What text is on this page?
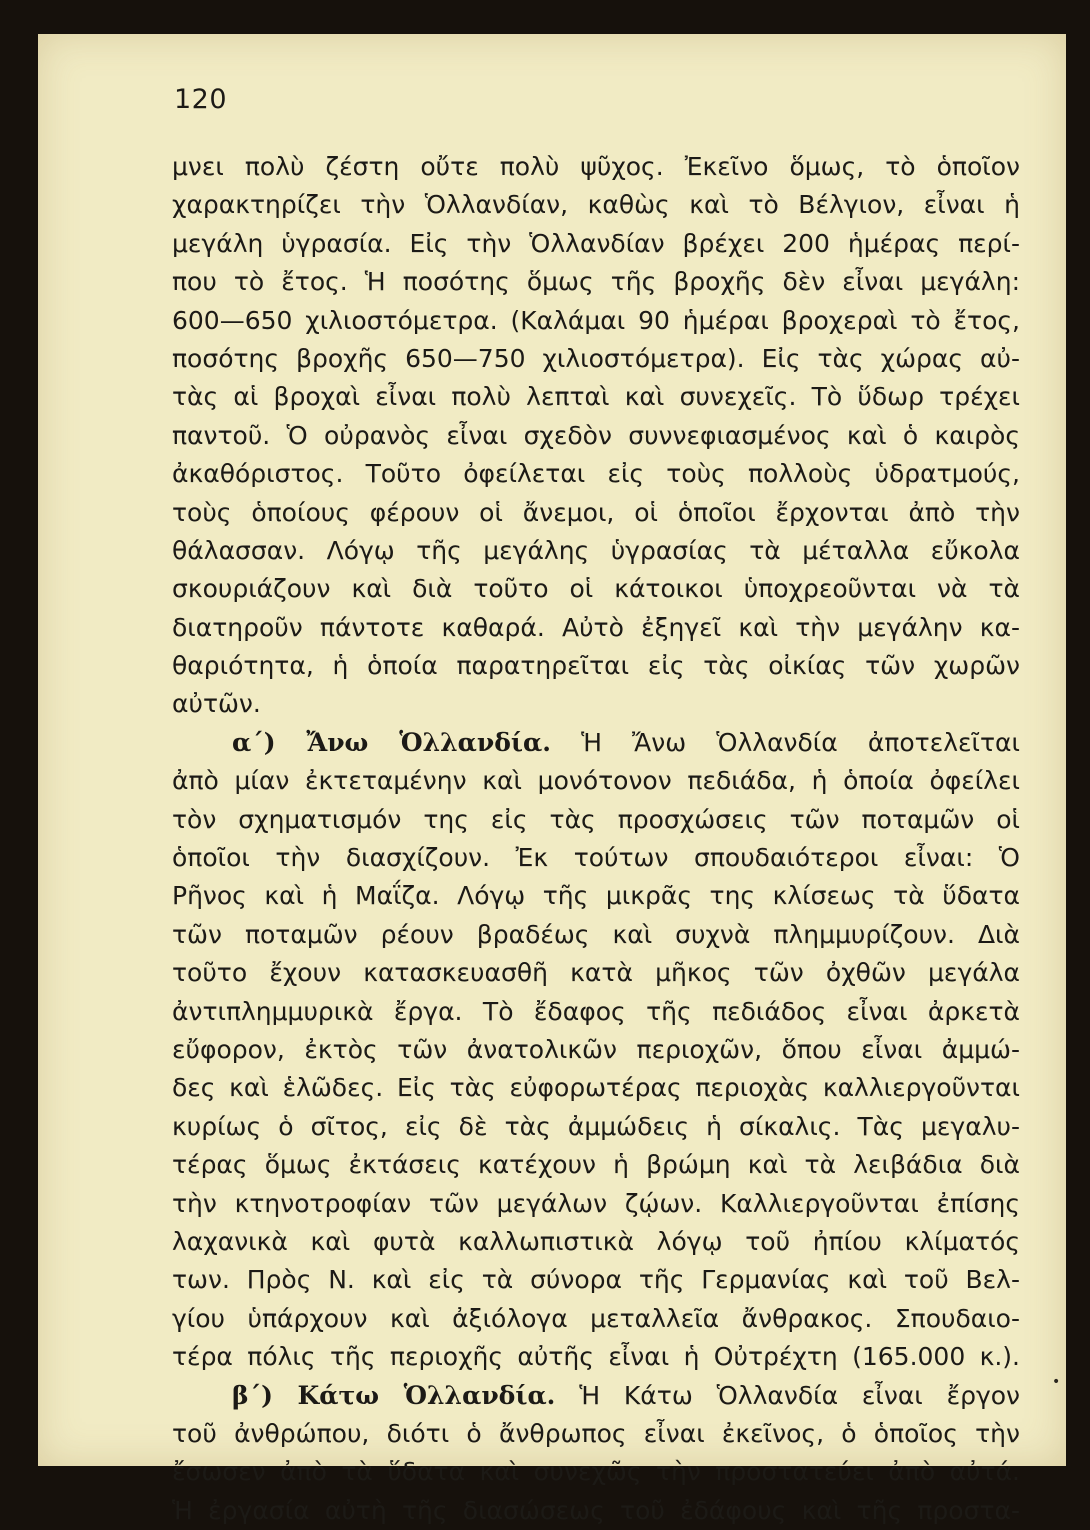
120
μνει πολὺ ζέστη οὔτε πολὺ ψῦχος. Ἐκεῖνο ὅμως, τὸ ὁποῖον
χαρακτηρίζει τὴν Ὁλλανδίαν, καθὼς καὶ τὸ Βέλγιον, εἶναι ἡ
μεγάλη ὑγρασία. Εἰς τὴν Ὁλλανδίαν βρέχει 200 ἡμέρας περί-
που τὸ ἔτος. Ἡ ποσότης ὅμως τῆς βροχῆς δὲν εἶναι μεγάλη:
600—650 χιλιοστόμετρα. (Καλάμαι 90 ἡμέραι βροχεραὶ τὸ ἔτος,
ποσότης βροχῆς 650—750 χιλιοστόμετρα). Εἰς τὰς χώρας αὐ-
τὰς αἱ βροχαὶ εἶναι πολὺ λεπταὶ καὶ συνεχεῖς. Τὸ ὕδωρ τρέχει
παντοῦ. Ὁ οὐρανὸς εἶναι σχεδὸν συννεφιασμένος καὶ ὁ καιρὸς
ἀκαθόριστος. Τοῦτο ὀφείλεται εἰς τοὺς πολλοὺς ὑδρατμούς,
τοὺς ὁποίους φέρουν οἱ ἄνεμοι, οἱ ὁποῖοι ἔρχονται ἀπὸ τὴν
θάλασσαν. Λόγῳ τῆς μεγάλης ὑγρασίας τὰ μέταλλα εὔκολα
σκουριάζουν καὶ διὰ τοῦτο οἱ κάτοικοι ὑποχρεοῦνται νὰ τὰ
διατηροῦν πάντοτε καθαρά. Αὐτὸ ἐξηγεῖ καὶ τὴν μεγάλην κα-
θαριότητα, ἡ ὁποία παρατηρεῖται εἰς τὰς οἰκίας τῶν χωρῶν
αὐτῶν.
α΄) Ἄνω Ὁλλανδία. Ἡ Ἄνω Ὁλλανδία ἀποτελεῖται
ἀπὸ μίαν ἐκτεταμένην καὶ μονότονον πεδιάδα, ἡ ὁποία ὀφείλει
τὸν σχηματισμόν της εἰς τὰς προσχώσεις τῶν ποταμῶν οἱ
ὁποῖοι τὴν διασχίζουν. Ἐκ τούτων σπουδαιότεροι εἶναι: Ὁ
Ρῆνος καὶ ἡ Μαΐζα. Λόγῳ τῆς μικρᾶς της κλίσεως τὰ ὕδατα
τῶν ποταμῶν ρέουν βραδέως καὶ συχνὰ πλημμυρίζουν. Διὰ
τοῦτο ἔχουν κατασκευασθῆ κατὰ μῆκος τῶν ὀχθῶν μεγάλα
ἀντιπλημμυρικὰ ἔργα. Τὸ ἔδαφος τῆς πεδιάδος εἶναι ἀρκετὰ
εὔφορον, ἐκτὸς τῶν ἀνατολικῶν περιοχῶν, ὅπου εἶναι ἀμμώ-
δες καὶ ἑλῶδες. Εἰς τὰς εὐφορωτέρας περιοχὰς καλλιεργοῦνται
κυρίως ὁ σῖτος, εἰς δὲ τὰς ἀμμώδεις ἡ σίκαλις. Τὰς μεγαλυ-
τέρας ὅμως ἐκτάσεις κατέχουν ἡ βρώμη καὶ τὰ λειβάδια διὰ
τὴν κτηνοτροφίαν τῶν μεγάλων ζῴων. Καλλιεργοῦνται ἐπίσης
λαχανικὰ καὶ φυτὰ καλλωπιστικὰ λόγῳ τοῦ ἠπίου κλίματός
των. Πρὸς Ν. καὶ εἰς τὰ σύνορα τῆς Γερμανίας καὶ τοῦ Βελ-
γίου ὑπάρχουν καὶ ἀξιόλογα μεταλλεῖα ἄνθρακος. Σπουδαιο-
τέρα πόλις τῆς περιοχῆς αὐτῆς εἶναι ἡ Οὐτρέχτη (165.000 κ.).
β΄) Κάτω Ὁλλανδία. Ἡ Κάτω Ὁλλανδία εἶναι ἔργον
τοῦ ἀνθρώπου, διότι ὁ ἄνθρωπος εἶναι ἐκεῖνος, ὁ ὁποῖος τὴν
ἔσωσεν ἀπὸ τὰ ὕδατα καὶ συνεχῶς τὴν προστατεύει ἀπὸ αὐτά.
Ἡ ἐργασία αὐτὴ τῆς διασώσεως τοῦ ἐδάφους καὶ τῆς προστα-
•
